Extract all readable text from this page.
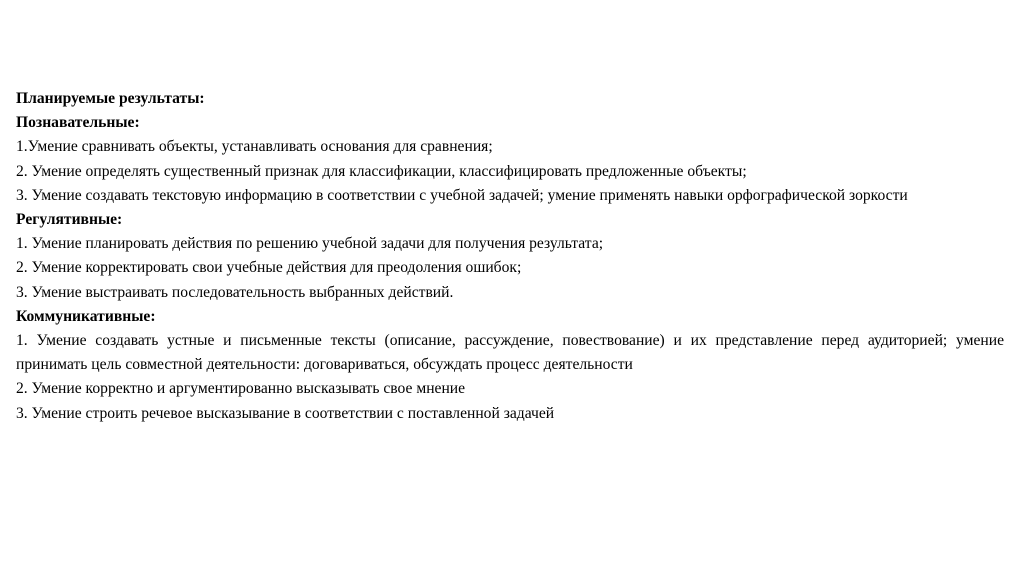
Планируемые результаты:

Познавательные:

1.Умение сравнивать объекты, устанавливать основания для сравнения;

2. Умение определять существенный признак для классификации, классифицировать предложенные объекты;

3. Умение создавать текстовую информацию в соответствии с учебной задачей; умение применять навыки орфографической зоркости

Регулятивные:

1. Умение планировать действия по решению учебной задачи для получения результата;

2. Умение корректировать свои учебные действия для преодоления ошибок;

3. Умение выстраивать последовательность выбранных действий.

Коммуникативные:

1. Умение создавать устные и письменные тексты (описание, рассуждение, повествование) и их представление перед аудиторией; умение принимать цель совместной деятельности: договариваться, обсуждать процесс деятельности

2. Умение корректно и аргументированно высказывать свое мнение

3. Умение строить речевое высказывание в соответствии с поставленной задачей
